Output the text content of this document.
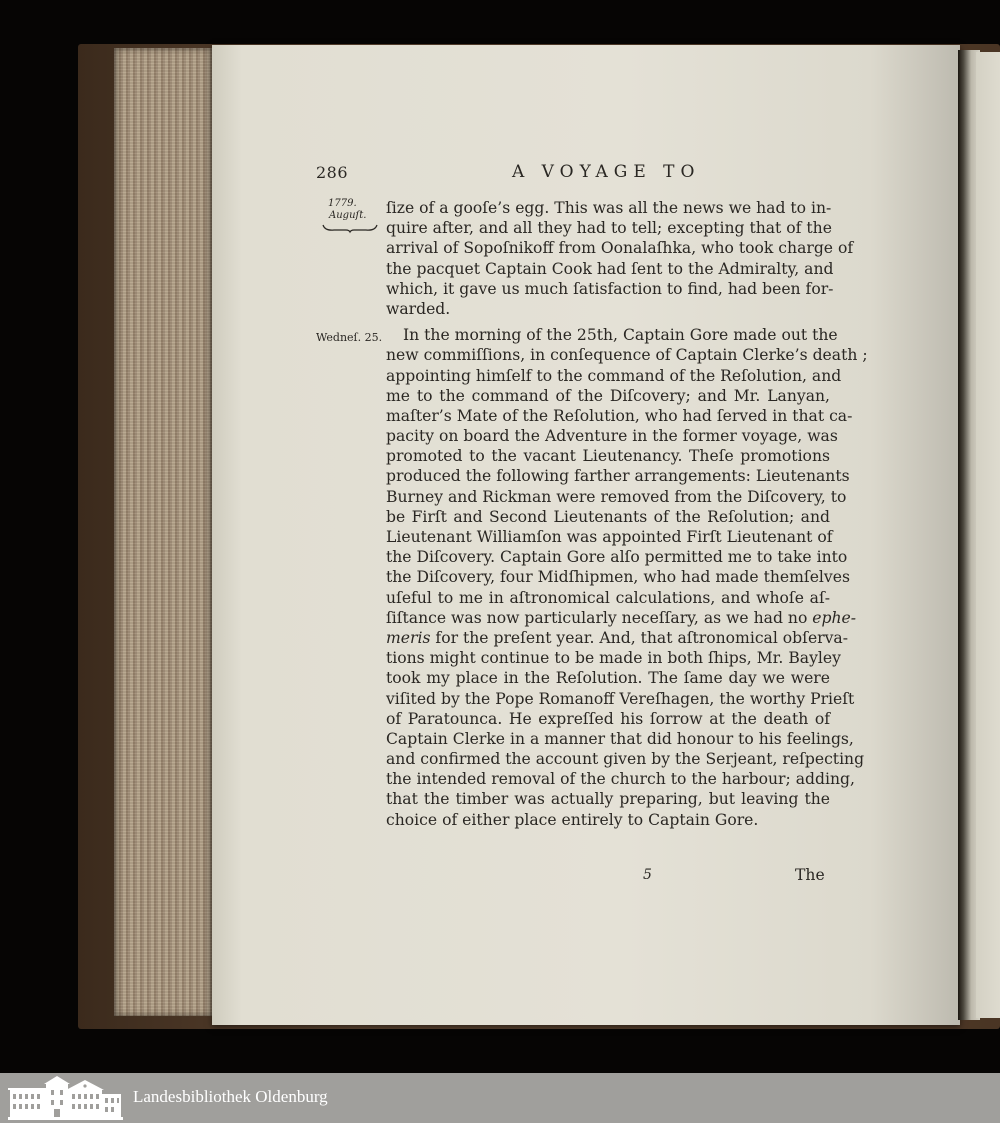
286	A VOYAGE TO
1779.
Auguſt.
Wedneſ. 25.
ſize of a gooſe’s egg. This was all the news we had to in-
quire after, and all they had to tell; excepting that of the
arrival of Sopoſnikoff from Oonalaſhka, who took charge of
the pacquet Captain Cook had ſent to the Admiralty, and
which, it gave us much ſatisfaction to find, had been for-
warded.
In the morning of the 25th, Captain Gore made out the
new commiſſions, in conſequence of Captain Clerke’s death ;
appointing himſelf to the command of the Reſolution, and
me to the command of the Diſcovery; and Mr. Lanyan,
maſter’s Mate of the Reſolution, who had ſerved in that ca-
pacity on board the Adventure in the former voyage, was
promoted to the vacant Lieutenancy. Theſe promotions
produced the following farther arrangements: Lieutenants
Burney and Rickman were removed from the Diſcovery, to
be Firſt and Second Lieutenants of the Reſolution; and
Lieutenant Williamſon was appointed Firſt Lieutenant of
the Diſcovery. Captain Gore alſo permitted me to take into
the Diſcovery, four Midſhipmen, who had made themſelves
uſeful to me in aſtronomical calculations, and whoſe aſ-
ſiſtance was now particularly neceſſary, as we had no ephe-
meris for the preſent year. And, that aſtronomical obſerva-
tions might continue to be made in both ſhips, Mr. Bayley
took my place in the Reſolution. The ſame day we were
viſited by the Pope Romanoff Vereſhagen, the worthy Prieſt
of Paratounca. He expreſſed his ſorrow at the death of
Captain Clerke in a manner that did honour to his feelings,
and confirmed the account given by the Serjeant, reſpecting
the intended removal of the church to the harbour; adding,
that the timber was actually preparing, but leaving the
choice of either place entirely to Captain Gore.
5	The
Landesbibliothek Oldenburg
